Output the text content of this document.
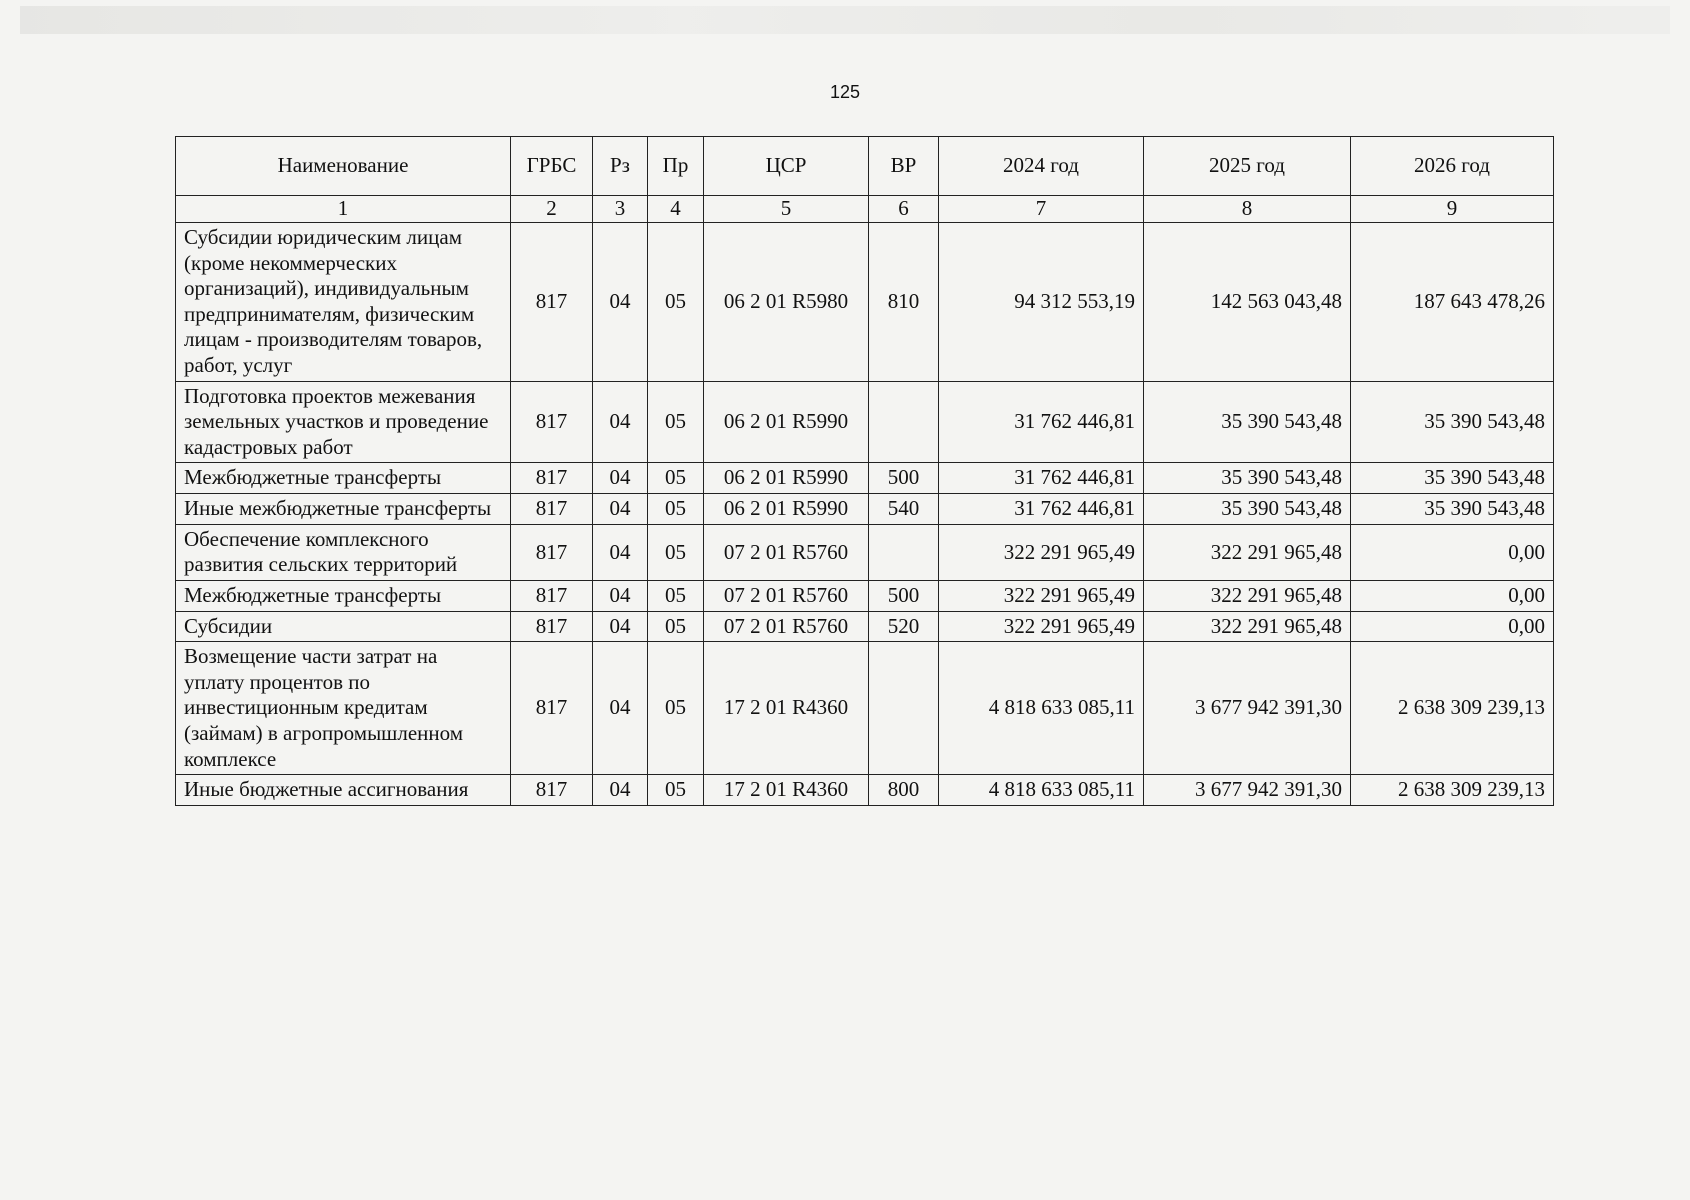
125
Наименование	ГРБС	Рз	Пр	ЦСР	ВР	2024 год	2025 год	2026 год
1	2	3	4	5	6	7	8	9
Субсидии юридическим лицам (кроме некоммерческих организаций), индивидуальным предпринимателям, физическим лицам - производителям товаров, работ, услуг	817	04	05	06 2 01 R5980	810	94 312 553,19	142 563 043,48	187 643 478,26
Подготовка проектов межевания земельных участков и проведение кадастровых работ	817	04	05	06 2 01 R5990		31 762 446,81	35 390 543,48	35 390 543,48
Межбюджетные трансферты	817	04	05	06 2 01 R5990	500	31 762 446,81	35 390 543,48	35 390 543,48
Иные межбюджетные трансферты	817	04	05	06 2 01 R5990	540	31 762 446,81	35 390 543,48	35 390 543,48
Обеспечение комплексного развития сельских территорий	817	04	05	07 2 01 R5760		322 291 965,49	322 291 965,48	0,00
Межбюджетные трансферты	817	04	05	07 2 01 R5760	500	322 291 965,49	322 291 965,48	0,00
Субсидии	817	04	05	07 2 01 R5760	520	322 291 965,49	322 291 965,48	0,00
Возмещение части затрат на уплату процентов по инвестиционным кредитам (займам) в агропромышленном комплексе	817	04	05	17 2 01 R4360		4 818 633 085,11	3 677 942 391,30	2 638 309 239,13
Иные бюджетные ассигнования	817	04	05	17 2 01 R4360	800	4 818 633 085,11	3 677 942 391,30	2 638 309 239,13
